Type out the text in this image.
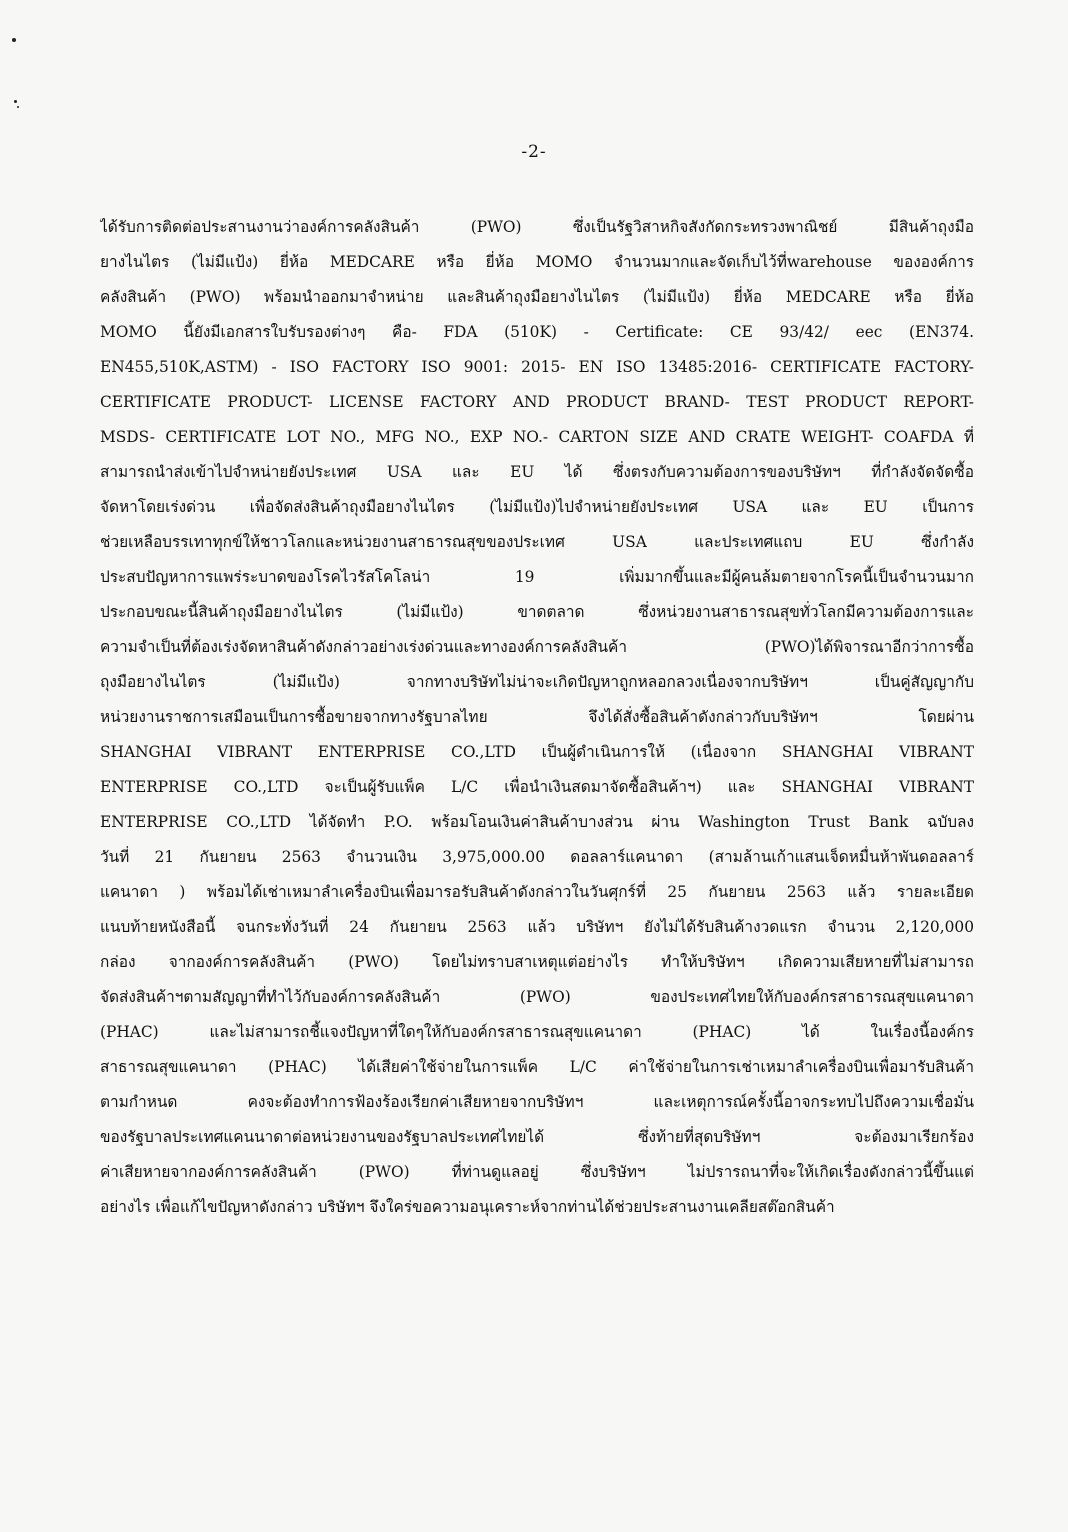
-2-
ได้รับการติดต่อประสานงานว่าองค์การคลังสินค้า (PWO) ซึ่งเป็นรัฐวิสาหกิจสังกัดกระทรวงพาณิชย์ มีสินค้าถุงมือ
ยางไนไตร (ไม่มีแป้ง) ยี่ห้อ MEDCARE หรือ ยี่ห้อ MOMO จำนวนมากและจัดเก็บไว้ที่warehouse ขององค์การ
คลังสินค้า (PWO) พร้อมนำออกมาจำหน่าย และสินค้าถุงมือยางไนไตร (ไม่มีแป้ง) ยี่ห้อ MEDCARE หรือ ยี่ห้อ
MOMO นี้ยังมีเอกสารใบรับรองต่างๆ คือ- FDA (510K) - Certificate: CE 93/42/ eec (EN374.
EN455,510K,ASTM) - ISO FACTORY ISO 9001: 2015- EN ISO 13485:2016- CERTIFICATE FACTORY-
CERTIFICATE PRODUCT- LICENSE FACTORY AND PRODUCT BRAND- TEST PRODUCT REPORT-
MSDS- CERTIFICATE LOT NO., MFG NO., EXP NO.- CARTON SIZE AND CRATE WEIGHT- COAFDA ที่
สามารถนำส่งเข้าไปจำหน่ายยังประเทศ USA และ EU ได้ ซึ่งตรงกับความต้องการของบริษัทฯ ที่กำลังจัดจัดซื้อ
จัดหาโดยเร่งด่วน เพื่อจัดส่งสินค้าถุงมือยางไนไตร (ไม่มีแป้ง)ไปจำหน่ายยังประเทศ USA และ EU เป็นการ
ช่วยเหลือบรรเทาทุกข์ให้ชาวโลกและหน่วยงานสาธารณสุขของประเทศ USA และประเทศแถบ EU ซึ่งกำลัง
ประสบปัญหาการแพร่ระบาดของโรคไวรัสโคโลน่า 19 เพิ่มมากขึ้นและมีผู้คนล้มตายจากโรคนี้เป็นจำนวนมาก
ประกอบขณะนี้สินค้าถุงมือยางไนไตร (ไม่มีแป้ง) ขาดตลาด ซึ่งหน่วยงานสาธารณสุขทั่วโลกมีความต้องการและ
ความจำเป็นที่ต้องเร่งจัดหาสินค้าดังกล่าวอย่างเร่งด่วนและทางองค์การคลังสินค้า (PWO)ได้พิจารณาอีกว่าการซื้อ
ถุงมือยางไนไตร (ไม่มีแป้ง) จากทางบริษัทไม่น่าจะเกิดปัญหาถูกหลอกลวงเนื่องจากบริษัทฯ เป็นคู่สัญญากับ
หน่วยงานราชการเสมือนเป็นการซื้อขายจากทางรัฐบาลไทย จึงได้สั่งซื้อสินค้าดังกล่าวกับบริษัทฯ โดยผ่าน
SHANGHAI VIBRANT ENTERPRISE CO.,LTD เป็นผู้ดำเนินการให้ (เนื่องจาก SHANGHAI VIBRANT
ENTERPRISE CO.,LTD จะเป็นผู้รับแพ็ค L/C เพื่อนำเงินสดมาจัดซื้อสินค้าฯ) และ SHANGHAI VIBRANT
ENTERPRISE CO.,LTD ได้จัดทำ P.O. พร้อมโอนเงินค่าสินค้าบางส่วน ผ่าน Washington Trust Bank ฉบับลง
วันที่ 21 กันยายน 2563 จำนวนเงิน 3,975,000.00 ดอลลาร์แคนาดา (สามล้านเก้าแสนเจ็ดหมื่นห้าพันดอลลาร์
แคนาดา ) พร้อมได้เช่าเหมาลำเครื่องบินเพื่อมารอรับสินค้าดังกล่าวในวันศุกร์ที่ 25 กันยายน 2563 แล้ว รายละเอียด
แนบท้ายหนังสือนี้ จนกระทั่งวันที่ 24 กันยายน 2563 แล้ว บริษัทฯ ยังไม่ได้รับสินค้างวดแรก จำนวน 2,120,000
กล่อง จากองค์การคลังสินค้า (PWO) โดยไม่ทราบสาเหตุแต่อย่างไร ทำให้บริษัทฯ เกิดความเสียหายที่ไม่สามารถ
จัดส่งสินค้าฯตามสัญญาที่ทำไว้กับองค์การคลังสินค้า (PWO) ของประเทศไทยให้กับองค์กรสาธารณสุขแคนาดา
(PHAC) และไม่สามารถชี้แจงปัญหาที่ใดๆให้กับองค์กรสาธารณสุขแคนาดา (PHAC) ได้ ในเรื่องนี้องค์กร
สาธารณสุขแคนาดา (PHAC) ได้เสียค่าใช้จ่ายในการแพ็ค L/C ค่าใช้จ่ายในการเช่าเหมาลำเครื่องบินเพื่อมารับสินค้า
ตามกำหนด คงจะต้องทำการฟ้องร้องเรียกค่าเสียหายจากบริษัทฯ และเหตุการณ์ครั้งนี้อาจกระทบไปถึงความเชื่อมั่น
ของรัฐบาลประเทศแคนนาดาต่อหน่วยงานของรัฐบาลประเทศไทยได้ ซึ่งท้ายที่สุดบริษัทฯ จะต้องมาเรียกร้อง
ค่าเสียหายจากองค์การคลังสินค้า (PWO) ที่ท่านดูแลอยู่ ซึ่งบริษัทฯ ไม่ปรารถนาที่จะให้เกิดเรื่องดังกล่าวนี้ขึ้นแต่
อย่างไร เพื่อแก้ไขปัญหาดังกล่าว บริษัทฯ จึงใคร่ขอความอนุเคราะห์จากท่านได้ช่วยประสานงานเคลียสต๊อกสินค้า
